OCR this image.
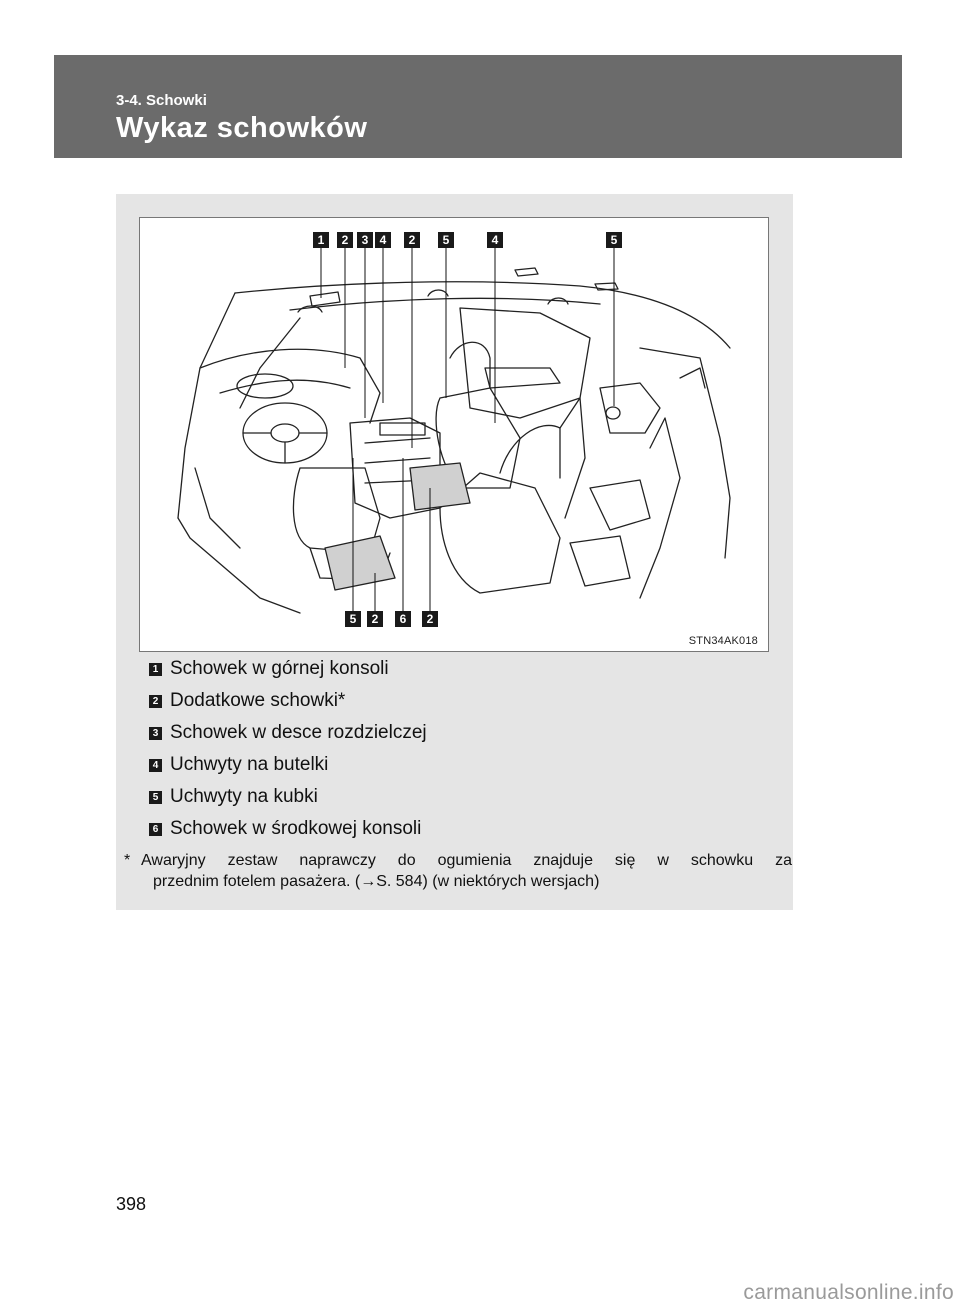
3-4. Schowki
Wykaz schowków
1	2	3 4	2	5	4	5
5	2	6	2
STN34AK018
1 Schowek w górnej konsoli
2 Dodatkowe schowki*
3 Schowek w desce rozdzielczej
4 Uchwyty na butelki
5 Uchwyty na kubki
6 Schowek w środkowej konsoli
* Awaryjny zestaw naprawczy do ogumienia znajduje się w schowku za
przednim fotelem pasażera. (→S. 584) (w niektórych wersjach)
398
carmanualsonline.info
